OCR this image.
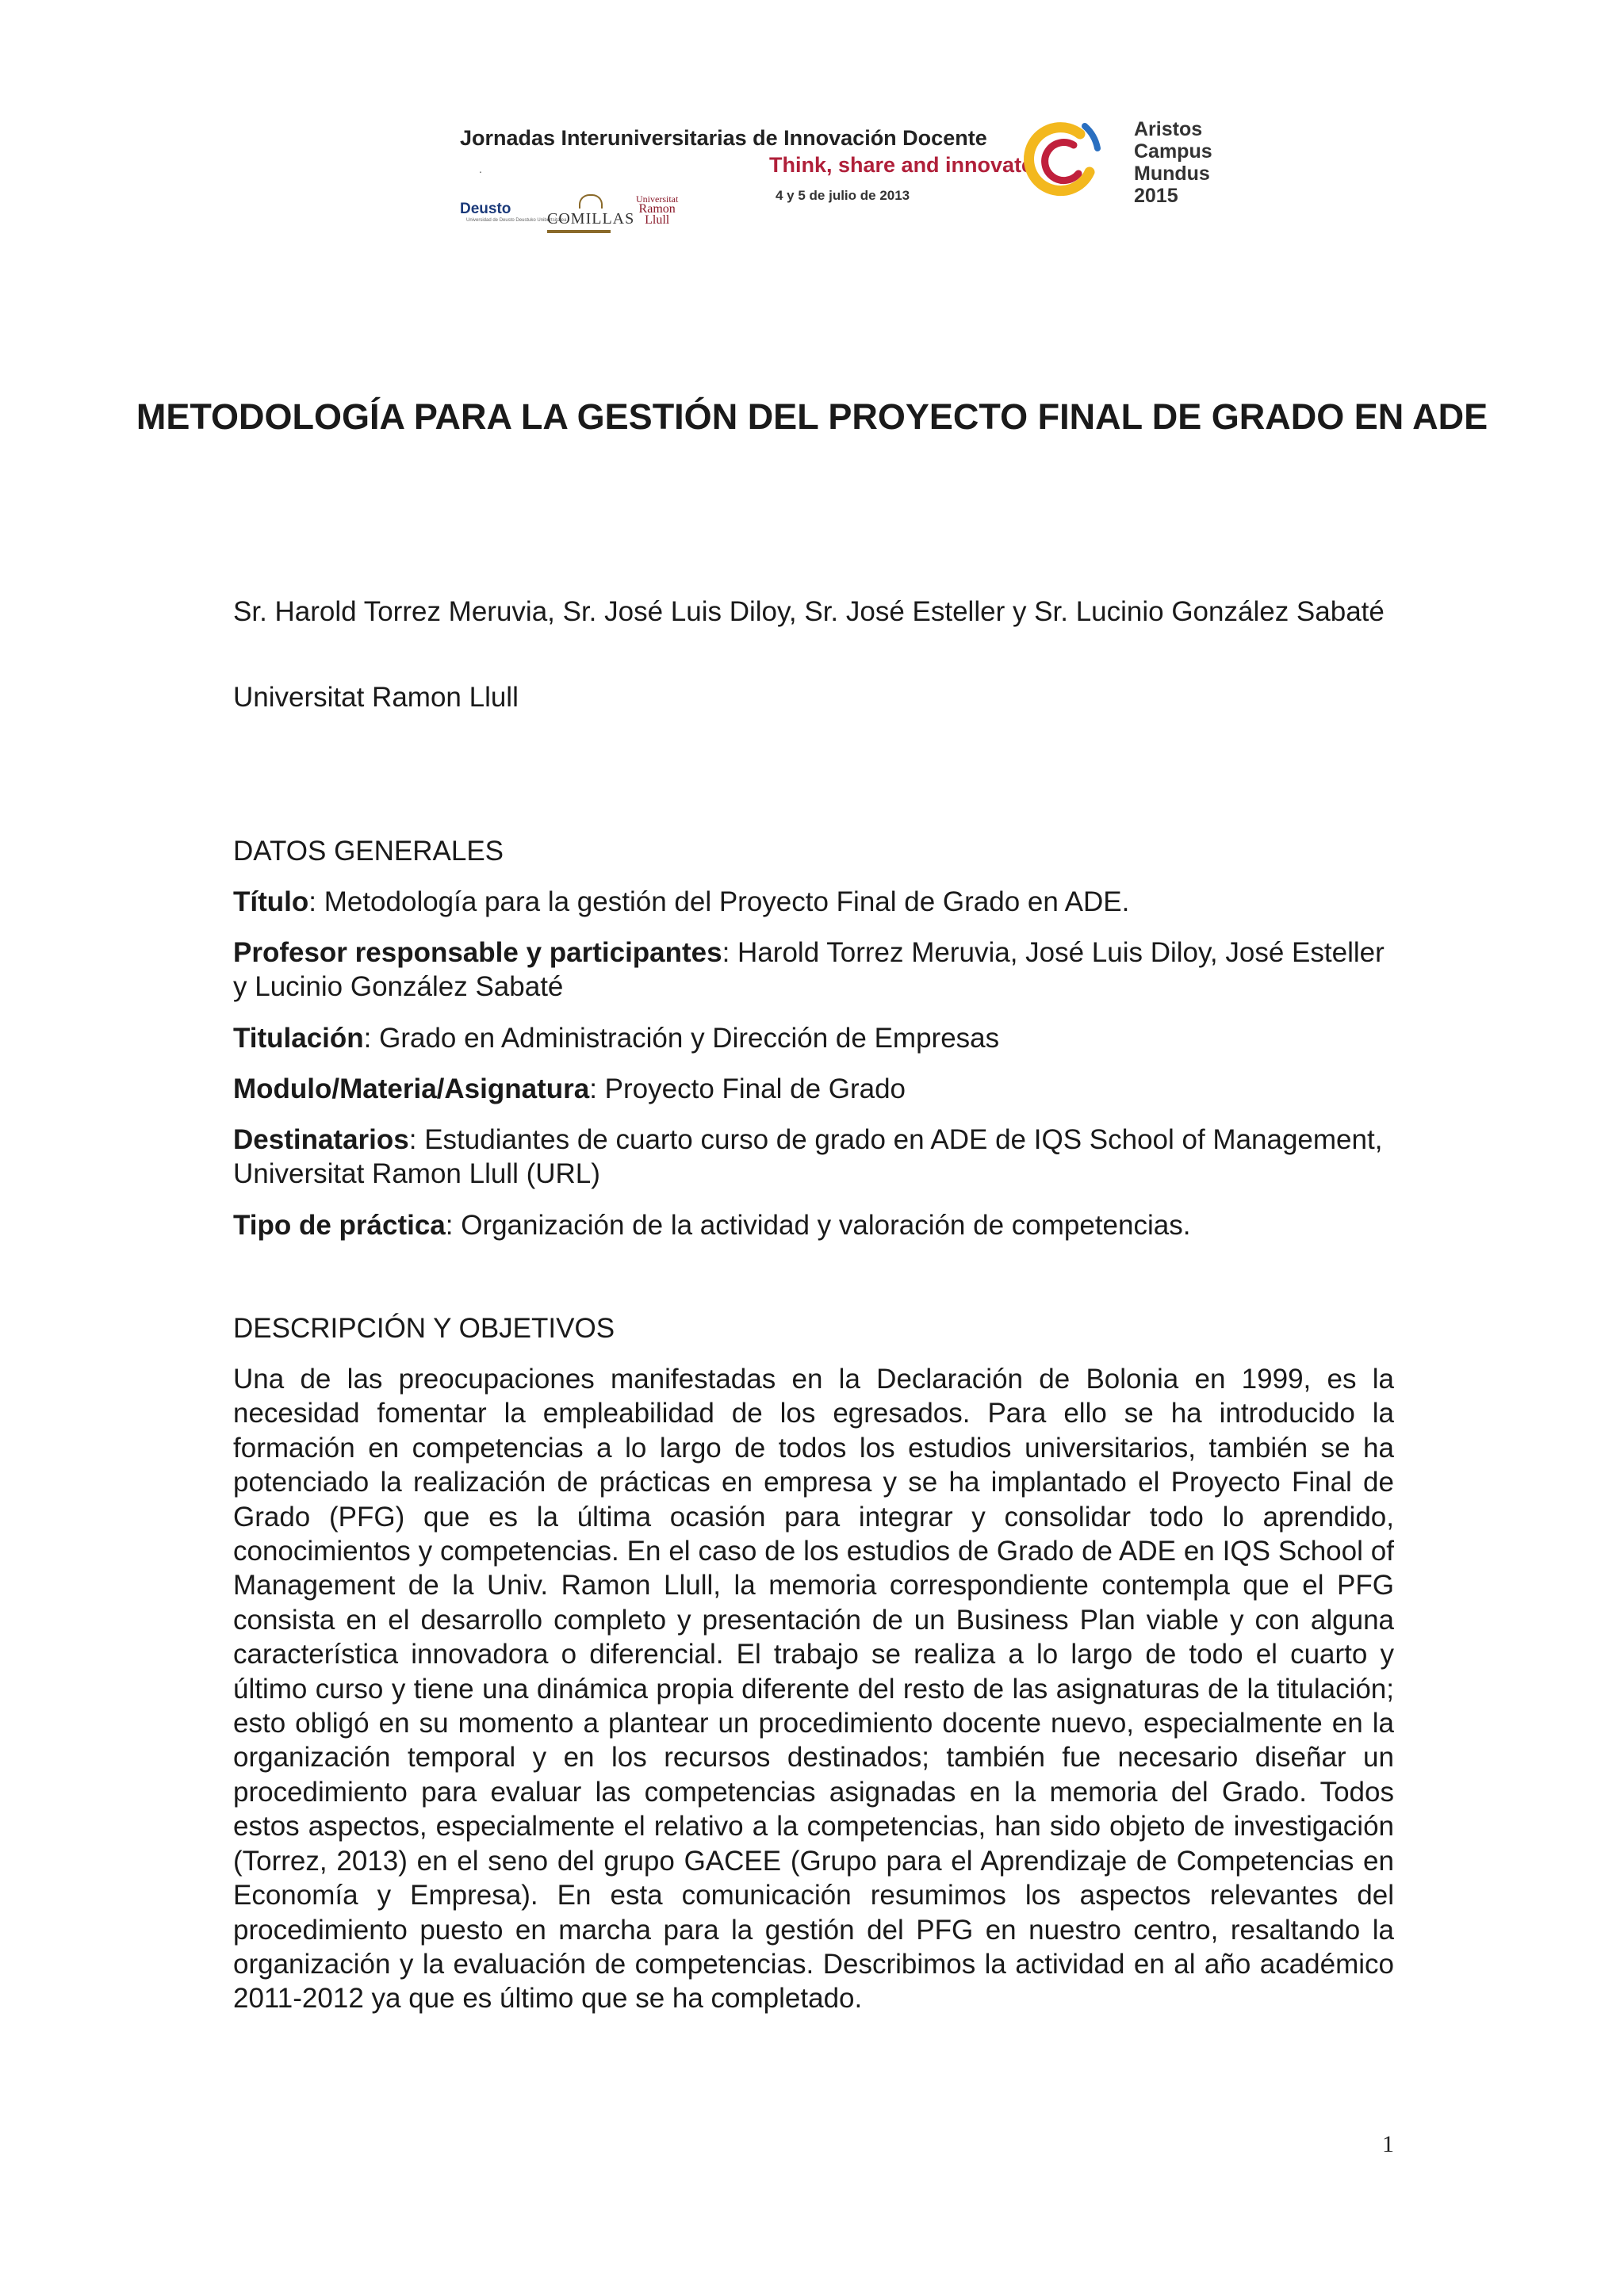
Jornadas Interuniversitarias de Innovación Docente
Think, share and innovate
.
4 y 5 de julio de 2013
Aristos
Campus
Mundus
2015
Deusto
Universidad de Deusto Deustuko Unibertsitatea
COMILLAS
Universitat
Ramon
Llull
METODOLOGÍA PARA LA GESTIÓN DEL PROYECTO FINAL DE GRADO EN ADE
Sr. Harold Torrez Meruvia, Sr. José Luis Diloy, Sr. José Esteller y Sr. Lucinio González Sabaté
Universitat Ramon Llull
DATOS GENERALES
Título: Metodología para la gestión del Proyecto Final de Grado en ADE.
Profesor responsable y participantes: Harold Torrez Meruvia, José Luis Diloy, José Esteller y Lucinio González Sabaté
Titulación: Grado en Administración y Dirección de Empresas
Modulo/Materia/Asignatura: Proyecto Final de Grado
Destinatarios: Estudiantes de cuarto curso de grado en ADE de IQS School of Management, Universitat Ramon Llull (URL)
Tipo de práctica: Organización de la actividad y valoración de competencias.
DESCRIPCIÓN Y OBJETIVOS
Una de las preocupaciones manifestadas en la Declaración de Bolonia en 1999, es la necesidad fomentar la empleabilidad de los egresados. Para ello se ha introducido la formación en competencias a lo largo de todos los estudios universitarios, también se ha potenciado la realización de prácticas en empresa y se ha implantado el Proyecto Final de Grado (PFG) que es la última ocasión para integrar y consolidar todo lo aprendido, conocimientos y competencias. En el caso de los estudios de Grado de ADE en IQS School of Management de la Univ. Ramon Llull, la memoria correspondiente contempla que el PFG consista en el desarrollo completo y presentación de un Business Plan viable y con alguna característica innovadora o diferencial. El trabajo se realiza a lo largo de todo el cuarto y último curso y tiene una dinámica propia diferente del resto de las asignaturas de la titulación; esto obligó en su momento a plantear un procedimiento docente nuevo, especialmente en la organización temporal y en los recursos destinados; también fue necesario diseñar un procedimiento para evaluar las competencias asignadas en la memoria del Grado. Todos estos aspectos, especialmente el relativo a la competencias, han sido objeto de investigación (Torrez, 2013) en el seno del grupo GACEE (Grupo para el Aprendizaje de Competencias en Economía y Empresa). En esta comunicación resumimos los aspectos relevantes del procedimiento puesto en marcha para la gestión del PFG en nuestro centro, resaltando la organización y la evaluación de competencias. Describimos la actividad en al año académico 2011-2012 ya que es último que se ha completado.
1
